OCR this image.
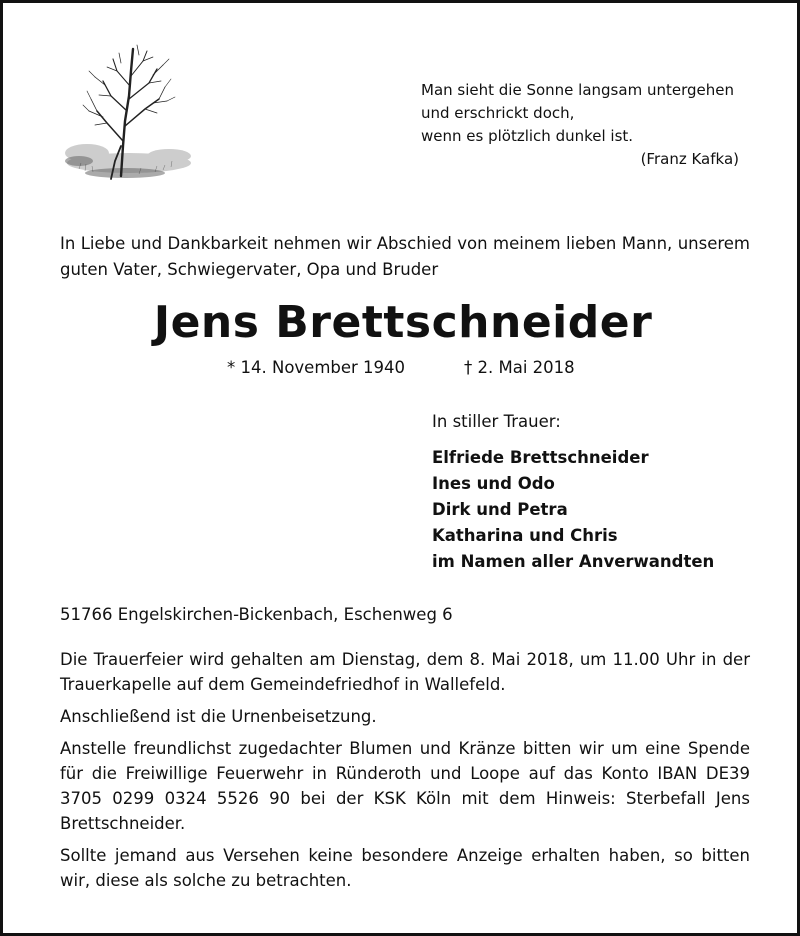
Man sieht die Sonne langsam untergehen
und erschrickt doch,
wenn es plötzlich dunkel ist.
(Franz Kafka)
In Liebe und Dankbarkeit nehmen wir Abschied von meinem lieben Mann, unserem guten Vater, Schwiegervater, Opa und Bruder
Jens Brettschneider
* 14. November 1940	† 2. Mai 2018
In stiller Trauer:
Elfriede Brettschneider
Ines und Odo
Dirk und Petra
Katharina und Chris
im Namen aller Anverwandten
51766 Engelskirchen-Bickenbach, Eschenweg 6

Die Trauerfeier wird gehalten am Dienstag, dem 8. Mai 2018, um 11.00 Uhr in der Trauerkapelle auf dem Gemeindefriedhof in Wallefeld.

Anschließend ist die Urnenbeisetzung.

Anstelle freundlichst zugedachter Blumen und Kränze bitten wir um eine Spende für die Freiwillige Feuerwehr in Ründeroth und Loope auf das Konto IBAN DE39 3705 0299 0324 5526 90 bei der KSK Köln mit dem Hinweis: Sterbefall Jens Brettschneider.

Sollte jemand aus Versehen keine besondere Anzeige erhalten haben, so bitten wir, diese als solche zu betrachten.
